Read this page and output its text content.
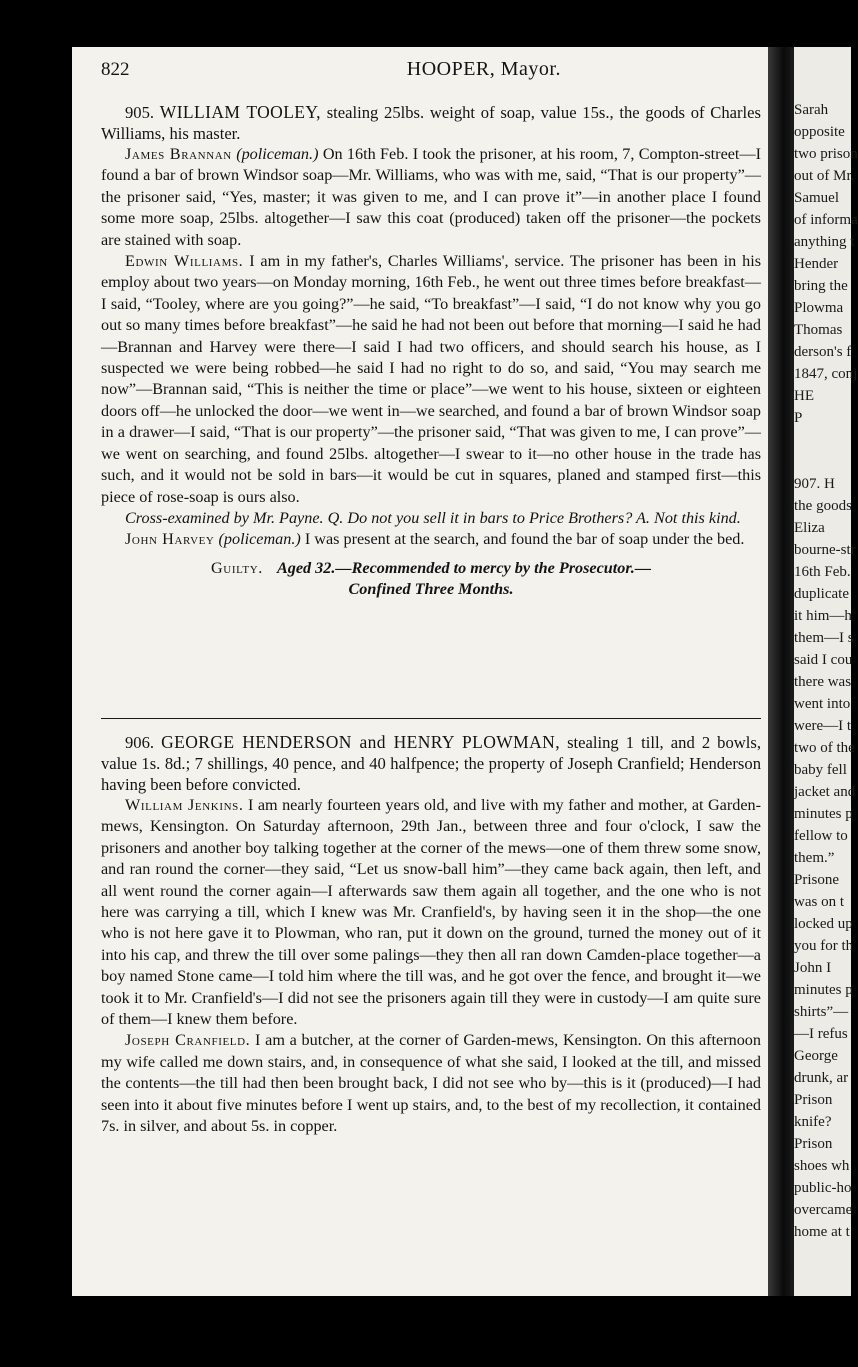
Sarah
opposite
two prison
out of Mr.
Samuel
of informa
anything t
Hender
bring the
Plowma
Thomas
derson's f
1847, conj
HE
P
907. H
the goods
Eliza
bourne-str
16th Feb.
duplicate
it him—h
them—I s
said I cou
there was
went into
were—I t
two of the
baby fell
jacket and
minutes p
fellow to
them.”
Prisone
was on t
locked up
you for th
John I
minutes p
shirts”—
—I refus
George
drunk, ar
Prison
knife?
Prison
shoes wh
public-ho
overcame
home at t
822	HOOPER, Mayor.

905. WILLIAM TOOLEY, stealing 25lbs. weight of soap, value 15s., the goods of Charles Williams, his master.

James Brannan (policeman.) On 16th Feb. I took the prisoner, at his room, 7, Compton-street—I found a bar of brown Windsor soap—Mr. Williams, who was with me, said, “That is our property”—the prisoner said, “Yes, master; it was given to me, and I can prove it”—in another place I found some more soap, 25lbs. altogether—I saw this coat (produced) taken off the prisoner—the pockets are stained with soap.

Edwin Williams. I am in my father's, Charles Williams', service. The prisoner has been in his employ about two years—on Monday morning, 16th Feb., he went out three times before breakfast—I said, “Tooley, where are you going?”—he said, “To breakfast”—I said, “I do not know why you go out so many times before breakfast”—he said he had not been out before that morning—I said he had—Brannan and Harvey were there—I said I had two officers, and should search his house, as I suspected we were being robbed—he said I had no right to do so, and said, “You may search me now”—Brannan said, “This is neither the time or place”—we went to his house, sixteen or eighteen doors off—he unlocked the door—we went in—we searched, and found a bar of brown Windsor soap in a drawer—I said, “That is our property”—the prisoner said, “That was given to me, I can prove”—we went on searching, and found 25lbs. altogether—I swear to it—no other house in the trade has such, and it would not be sold in bars—it would be cut in squares, planed and stamped first—this piece of rose-soap is ours also.

Cross-examined by Mr. Payne. Q. Do not you sell it in bars to Price Brothers? A. Not this kind.

John Harvey (policeman.) I was present at the search, and found the bar of soap under the bed.

Guilty. Aged 32.—Recommended to mercy by the Prosecutor.—
Confined Three Months.

906. GEORGE HENDERSON and HENRY PLOWMAN, stealing 1 till, and 2 bowls, value 1s. 8d.; 7 shillings, 40 pence, and 40 halfpence; the property of Joseph Cranfield; Henderson having been before convicted.

William Jenkins. I am nearly fourteen years old, and live with my father and mother, at Garden-mews, Kensington. On Saturday afternoon, 29th Jan., between three and four o'clock, I saw the prisoners and another boy talking together at the corner of the mews—one of them threw some snow, and ran round the corner—they said, “Let us snow-ball him”—they came back again, then left, and all went round the corner again—I afterwards saw them again all together, and the one who is not here was carrying a till, which I knew was Mr. Cranfield's, by having seen it in the shop—the one who is not here gave it to Plowman, who ran, put it down on the ground, turned the money out of it into his cap, and threw the till over some palings—they then all ran down Camden-place together—a boy named Stone came—I told him where the till was, and he got over the fence, and brought it—we took it to Mr. Cranfield's—I did not see the prisoners again till they were in custody—I am quite sure of them—I knew them before.

Joseph Cranfield. I am a butcher, at the corner of Garden-mews, Kensington. On this afternoon my wife called me down stairs, and, in consequence of what she said, I looked at the till, and missed the contents—the till had then been brought back, I did not see who by—this is it (produced)—I had seen into it about five minutes before I went up stairs, and, to the best of my recollection, it contained 7s. in silver, and about 5s. in copper.
